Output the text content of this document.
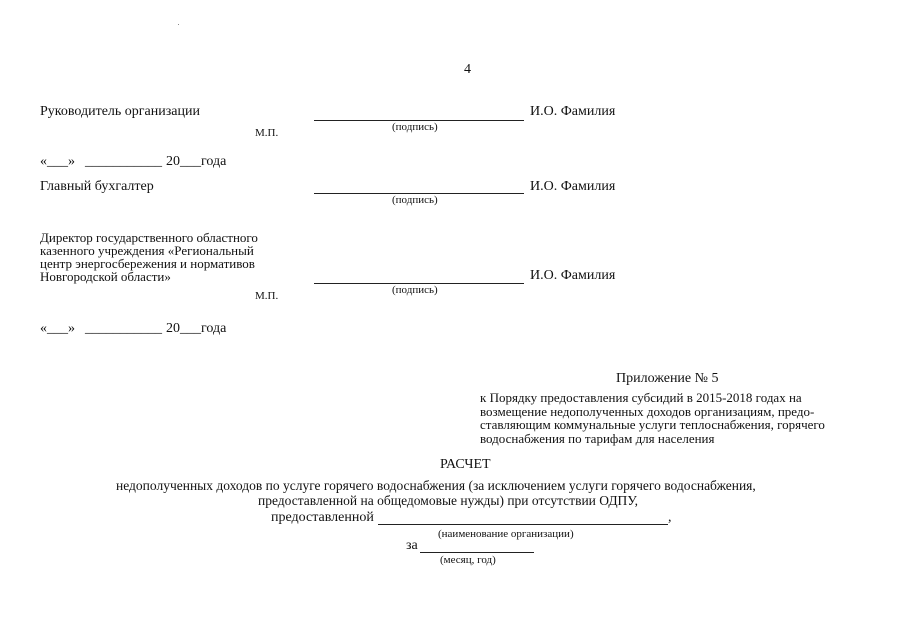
4
Руководитель организации	И.О. Фамилия
(подпись)
М.П.
«___» ___________ 20___года
Главный бухгалтер	И.О. Фамилия
(подпись)
Директор государственного областного
казенного учреждения «Региональный
центр энергосбережения и нормативов
Новгородской области»	И.О. Фамилия
(подпись)
М.П.
«___» ___________ 20___года
Приложение № 5
к Порядку предоставления субсидий в 2015-2018 годах на
возмещение недополученных доходов организациям, предо-
ставляющим коммунальные услуги теплоснабжения, горячего
водоснабжения по тарифам для населения
РАСЧЕТ
недополученных доходов по услуге горячего водоснабжения (за исключением услуги горячего водоснабжения,
предоставленной на общедомовые нужды) при отсутствии ОДПУ,
предоставленной	,
(наименование организации)
за
(месяц, год)
